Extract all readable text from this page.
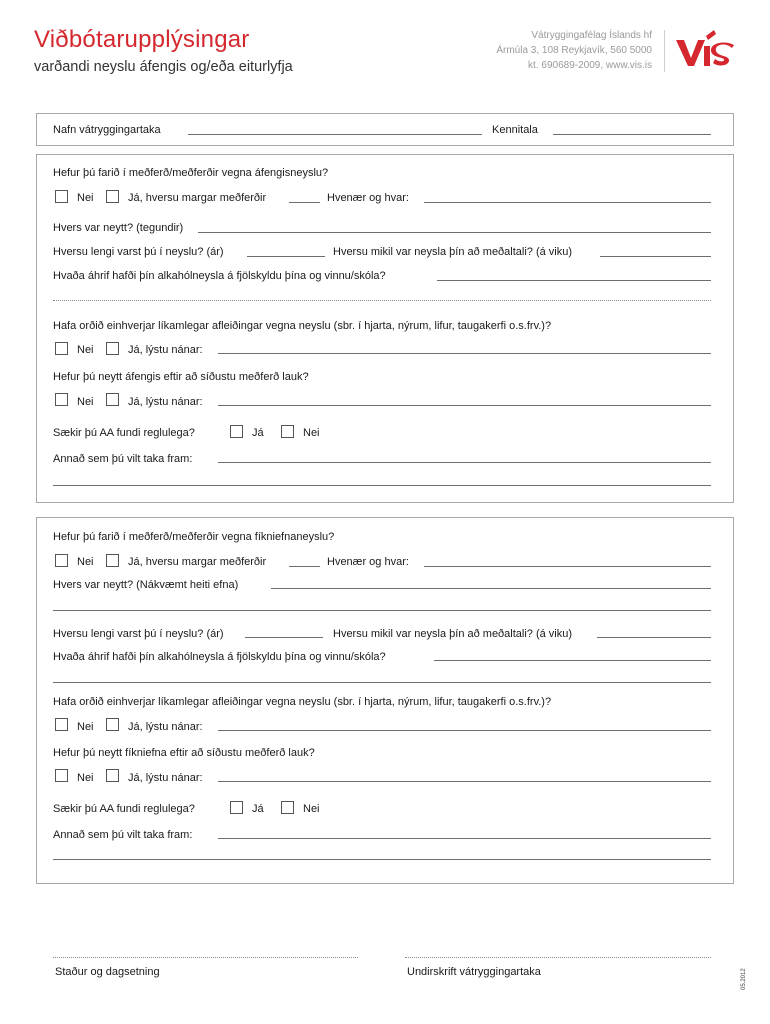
Viðbótarupplýsingar
varðandi neyslu áfengis og/eða eiturlyfja
Vátryggingafélag Íslands hf
Ármúla 3, 108 Reykjavík, 560 5000
kt. 690689-2009, www.vis.is
Nafn vátryggingartaka	Kennitala
Hefur þú farið í meðferð/meðferðir vegna áfengisneyslu?
Nei	Já, hversu margar meðferðir	Hvenær og hvar:
Hvers var neytt? (tegundir)
Hversu lengi varst þú í neyslu? (ár)	Hversu mikil var neysla þín að meðaltali? (á viku)
Hvaða áhrif hafði þín alkahólneysla á fjölskyldu þína og vinnu/skóla?
Hafa orðið einhverjar líkamlegar afleiðingar vegna neyslu (sbr. í hjarta, nýrum, lifur, taugakerfi o.s.frv.)?
Nei	Já, lýstu nánar:
Hefur þú neytt áfengis eftir að síðustu meðferð lauk?
Nei	Já, lýstu nánar:
Sækir þú AA fundi reglulega?	Já	Nei
Annað sem þú vilt taka fram:
Hefur þú farið í meðferð/meðferðir vegna fíkniefnaneyslu?
Nei	Já, hversu margar meðferðir	Hvenær og hvar:
Hvers var neytt? (Nákvæmt heiti efna)
Hversu lengi varst þú í neyslu? (ár)	Hversu mikil var neysla þín að meðaltali? (á viku)
Hvaða áhrif hafði þín alkahólneysla á fjölskyldu þína og vinnu/skóla?
Hafa orðið einhverjar líkamlegar afleiðingar vegna neyslu (sbr. í hjarta, nýrum, lifur, taugakerfi o.s.frv.)?
Nei	Já, lýstu nánar:
Hefur þú neytt fíkniefna eftir að síðustu meðferð lauk?
Nei	Já, lýstu nánar:
Sækir þú AA fundi reglulega?	Já	Nei
Annað sem þú vilt taka fram:
Staður og dagsetning	Undirskrift vátryggingartaka	05.2012
